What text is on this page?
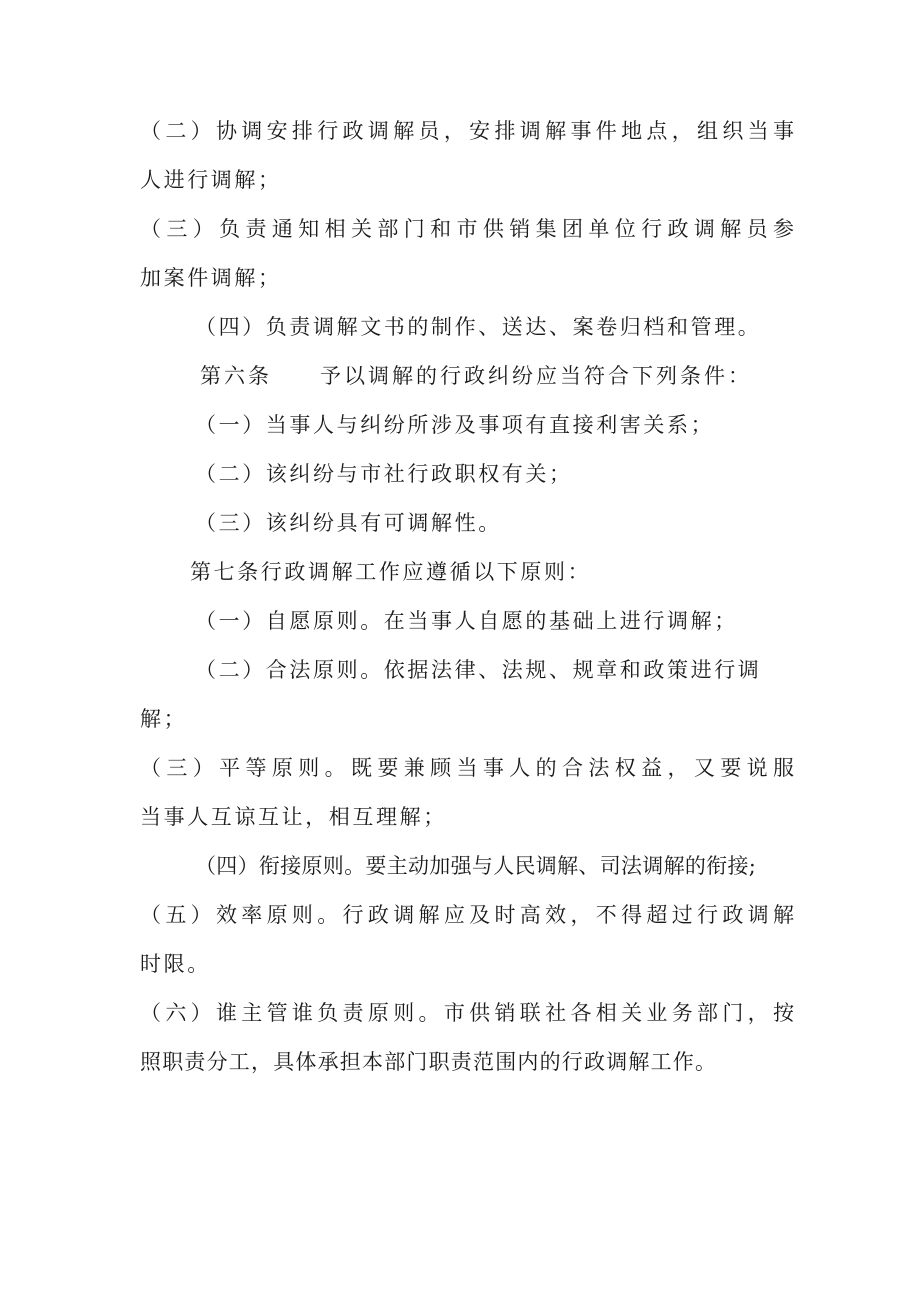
（二）协调安排行政调解员，安排调解事件地点，组织当事

人进行调解；

（三）负责通知相关部门和市供销集团单位行政调解员参

加案件调解；

（四）负责调解文书的制作、送达、案卷归档和管理。

第六条　　予以调解的行政纠纷应当符合下列条件：

（一）当事人与纠纷所涉及事项有直接利害关系；

（二）该纠纷与市社行政职权有关；

（三）该纠纷具有可调解性。

第七条行政调解工作应遵循以下原则：

（一）自愿原则。在当事人自愿的基础上进行调解；

（二）合法原则。依据法律、法规、规章和政策进行调

解；

（三）平等原则。既要兼顾当事人的合法权益，又要说服

当事人互谅互让，相互理解；

（四）衔接原则。要主动加强与人民调解、司法调解的衔接;

（五）效率原则。行政调解应及时高效，不得超过行政调解

时限。

（六）谁主管谁负责原则。市供销联社各相关业务部门，按

照职责分工，具体承担本部门职责范围内的行政调解工作。
